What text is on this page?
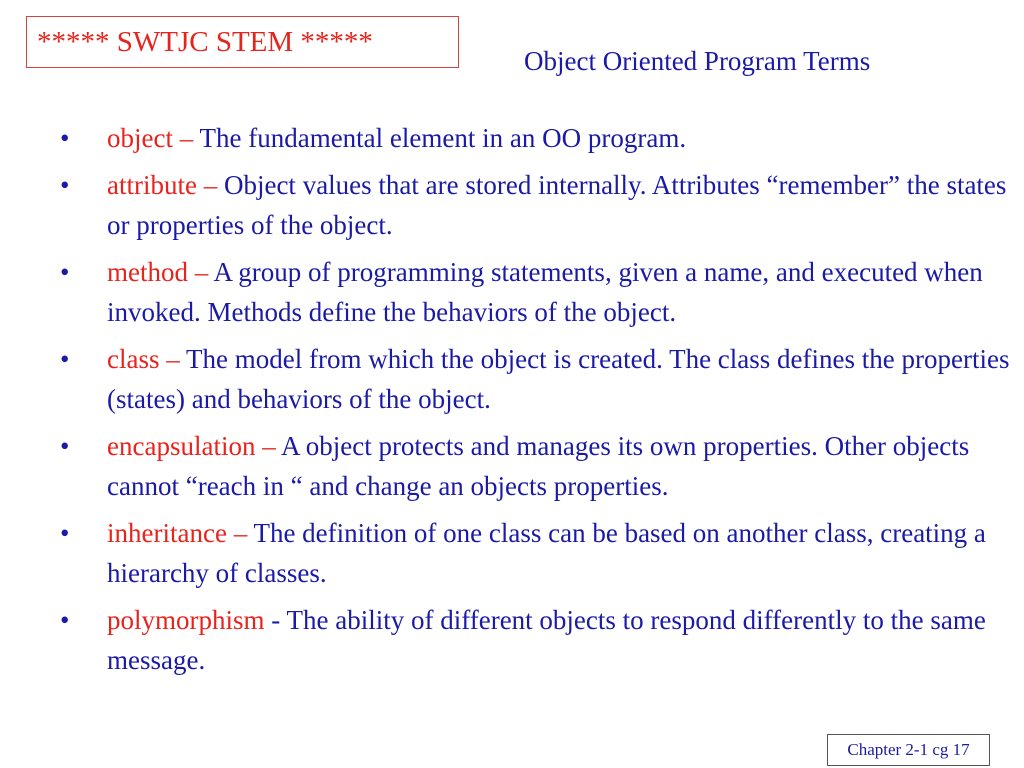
***** SWTJC STEM *****
Object Oriented Program Terms
• object – The fundamental element in an OO program.
• attribute – Object values that are stored internally. Attributes “remember” the states or properties of the object.
• method – A group of programming statements, given a name, and executed when invoked. Methods define the behaviors of the object.
• class – The model from which the object is created. The class defines the properties (states) and behaviors of the object.
• encapsulation – A object protects and manages its own properties. Other objects cannot “reach in “ and change an objects properties.
• inheritance – The definition of one class can be based on another class, creating a hierarchy of classes.
• polymorphism - The ability of different objects to respond differently to the same message.
Chapter 2-1 cg 17
